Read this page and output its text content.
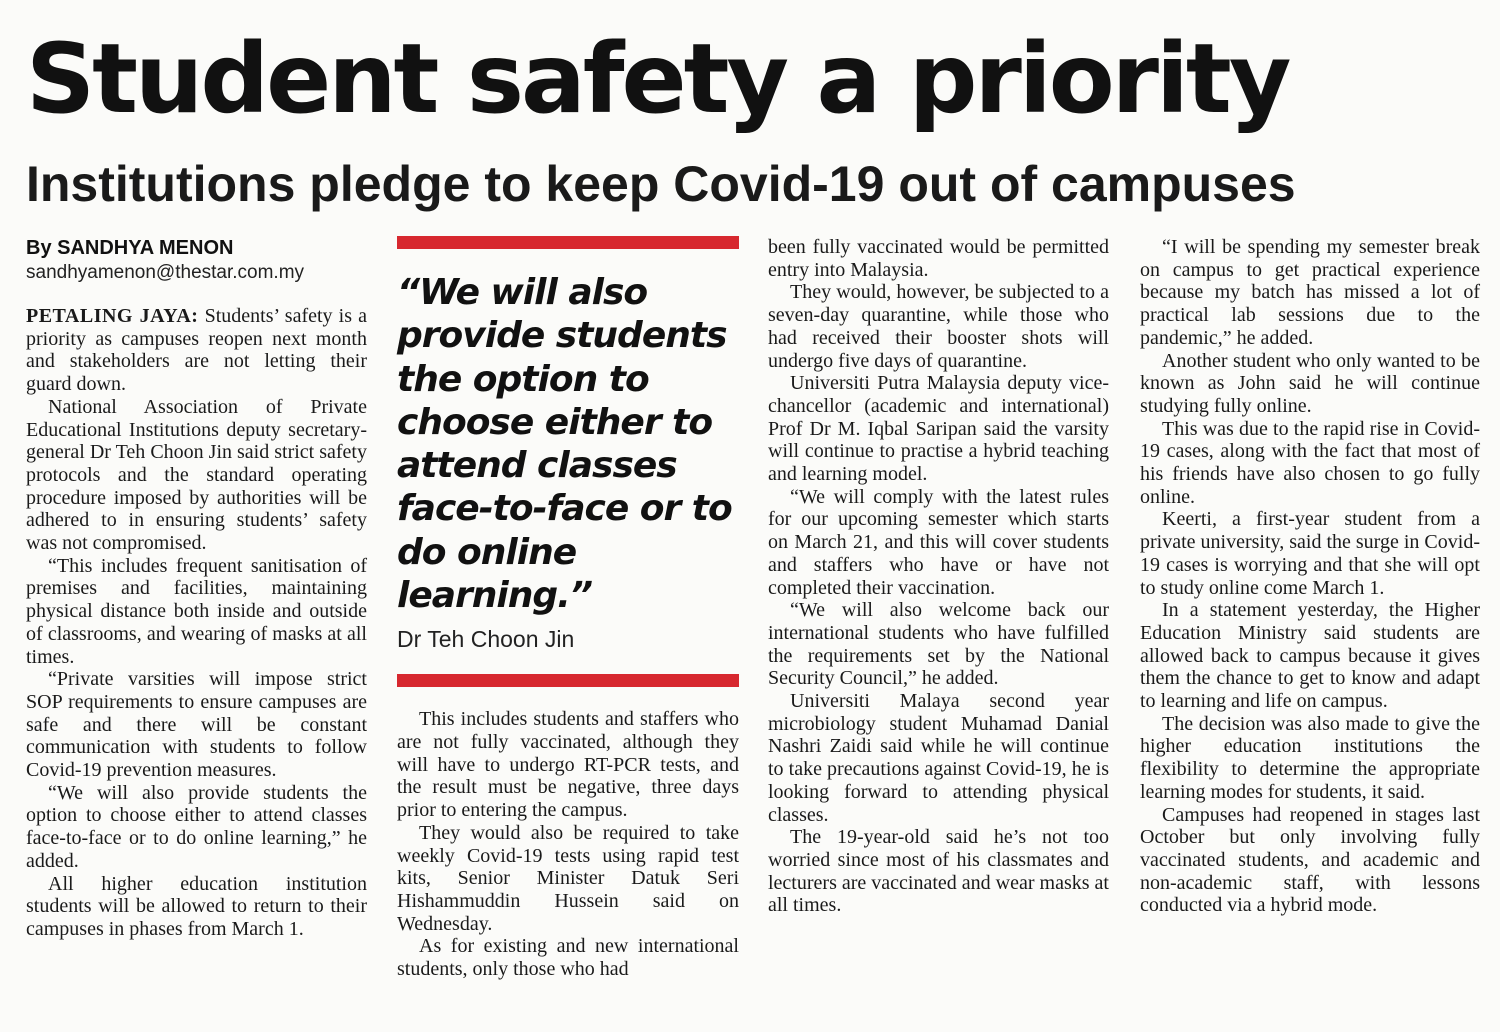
Student safety a priority
Institutions pledge to keep Covid-19 out of campuses
By SANDHYA MENON
sandhyamenon@thestar.com.my

PETALING JAYA: Students’ safety is a priority as campuses reopen next month and stakeholders are not letting their guard down.

National Association of Private Educational Institutions deputy secretary-general Dr Teh Choon Jin said strict safety protocols and the standard operating procedure imposed by authorities will be adhered to in ensuring students’ safety was not compromised.

“This includes frequent sanitisation of premises and facilities, maintaining physical distance both inside and outside of classrooms, and wearing of masks at all times.

“Private varsities will impose strict SOP requirements to ensure campuses are safe and there will be constant communication with students to follow Covid-19 prevention measures.

“We will also provide students the option to choose either to attend classes face-to-face or to do online learning,” he added.

All higher education institution students will be allowed to return to their campuses in phases from March 1.

“We will also provide students the option to choose either to attend classes face-to-face or to do online learning.”
Dr Teh Choon Jin

This includes students and staffers who are not fully vaccinated, although they will have to undergo RT-PCR tests, and the result must be negative, three days prior to entering the campus.

They would also be required to take weekly Covid-19 tests using rapid test kits, Senior Minister Datuk Seri Hishammuddin Hussein said on Wednesday.

As for existing and new international students, only those who had

been fully vaccinated would be permitted entry into Malaysia.

They would, however, be subjected to a seven-day quarantine, while those who had received their booster shots will undergo five days of quarantine.

Universiti Putra Malaysia deputy vice-chancellor (academic and international) Prof Dr M. Iqbal Saripan said the varsity will continue to practise a hybrid teaching and learning model.

“We will comply with the latest rules for our upcoming semester which starts on March 21, and this will cover students and staffers who have or have not completed their vaccination.

“We will also welcome back our international students who have fulfilled the requirements set by the National Security Council,” he added.

Universiti Malaya second year microbiology student Muhamad Danial Nashri Zaidi said while he will continue to take precautions against Covid-19, he is looking forward to attending physical classes.

The 19-year-old said he’s not too worried since most of his classmates and lecturers are vaccinated and wear masks at all times.

“I will be spending my semester break on campus to get practical experience because my batch has missed a lot of practical lab sessions due to the pandemic,” he added.

Another student who only wanted to be known as John said he will continue studying fully online.

This was due to the rapid rise in Covid-19 cases, along with the fact that most of his friends have also chosen to go fully online.

Keerti, a first-year student from a private university, said the surge in Covid-19 cases is worrying and that she will opt to study online come March 1.

In a statement yesterday, the Higher Education Ministry said students are allowed back to campus because it gives them the chance to get to know and adapt to learning and life on campus.

The decision was also made to give the higher education institutions the flexibility to determine the appropriate learning modes for students, it said.

Campuses had reopened in stages last October but only involving fully vaccinated students, and academic and non-academic staff, with lessons conducted via a hybrid mode.
